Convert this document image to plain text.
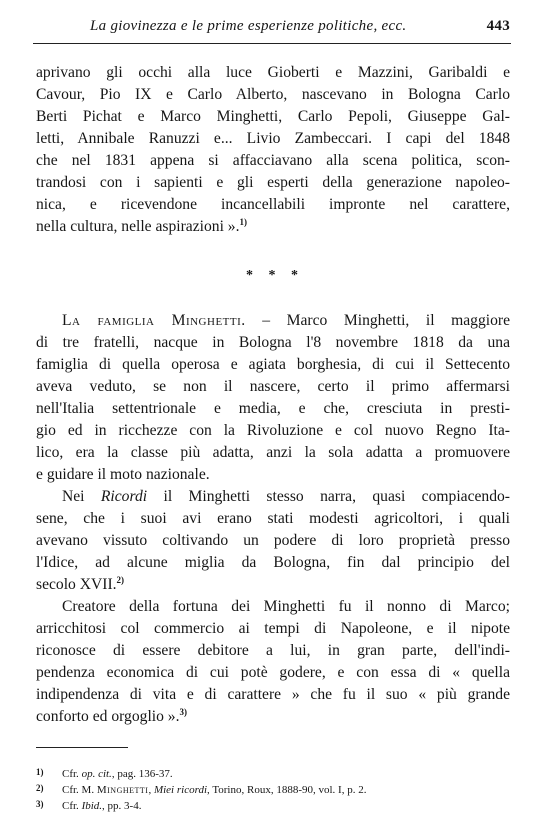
La giovinezza e le prime esperienze politiche, ecc.	443
aprivano gli occhi alla luce Gioberti e Mazzini, Garibaldi e
Cavour, Pio IX e Carlo Alberto, nascevano in Bologna Carlo
Berti Pichat e Marco Minghetti, Carlo Pepoli, Giuseppe Gal-
letti, Annibale Ranuzzi e... Livio Zambeccari. I capi del 1848
che nel 1831 appena si affacciavano alla scena politica, scon-
trandosi con i sapienti e gli esperti della generazione napoleo-
nica, e ricevendone incancellabili impronte nel carattere,
nella cultura, nelle aspirazioni ».$^{1)}$
* * *
La famiglia Minghetti. – Marco Minghetti, il maggiore
di tre fratelli, nacque in Bologna l'8 novembre 1818 da una
famiglia di quella operosa e agiata borghesia, di cui il Settecento
aveva veduto, se non il nascere, certo il primo affermarsi
nell'Italia settentrionale e media, e che, cresciuta in presti-
gio ed in ricchezze con la Rivoluzione e col nuovo Regno Ita-
lico, era la classe più adatta, anzi la sola adatta a promuovere
e guidare il moto nazionale.
Nei Ricordi il Minghetti stesso narra, quasi compiacendo-
sene, che i suoi avi erano stati modesti agricoltori, i quali
avevano vissuto coltivando un podere di loro proprietà presso
l'Idice, ad alcune miglia da Bologna, fin dal principio del
secolo XVII.$^{2)}$
Creatore della fortuna dei Minghetti fu il nonno di Marco;
arricchitosi col commercio ai tempi di Napoleone, e il nipote
riconosce di essere debitore a lui, in gran parte, dell'indi-
pendenza economica di cui potè godere, e con essa di « quella
indipendenza di vita e di carattere » che fu il suo « più grande
conforto ed orgoglio ».$^{3)}$
1) Cfr. op. cit., pag. 136-37.
2) Cfr. M. Minghetti, Miei ricordi, Torino, Roux, 1888-90, vol. I, p. 2.
3) Cfr. Ibid., pp. 3-4.
